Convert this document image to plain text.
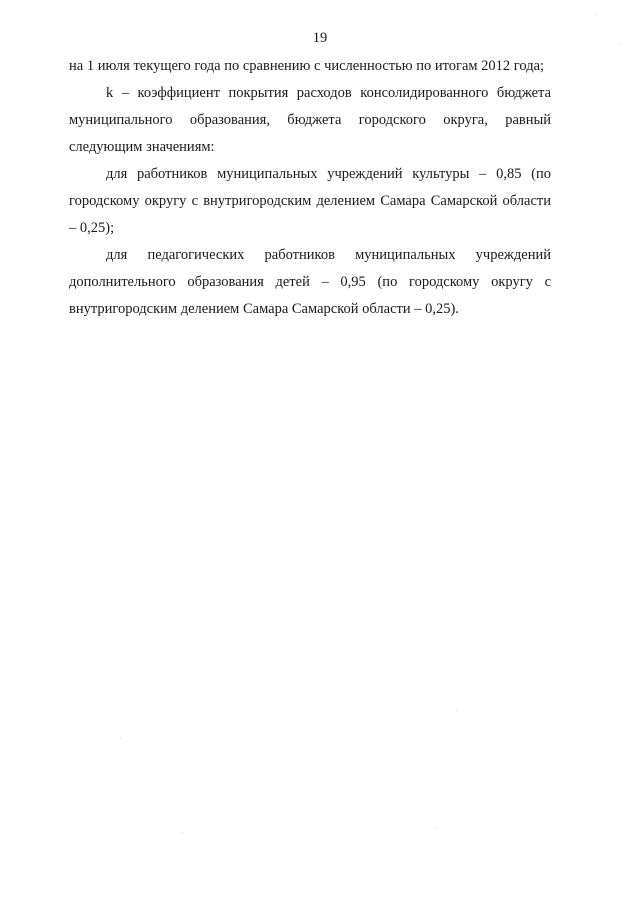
19

на 1 июля текущего года по сравнению с численностью по итогам 2012 года;

k – коэффициент покрытия расходов консолидированного бюджета муниципального образования, бюджета городского округа, равный следующим значениям:

для работников муниципальных учреждений культуры – 0,85 (по городскому округу с внутригородским делением Самара Самарской области – 0,25);

для педагогических работников муниципальных учреждений дополнительного образования детей – 0,95 (по городскому округу с внутригородским делением Самара Самарской области – 0,25).
